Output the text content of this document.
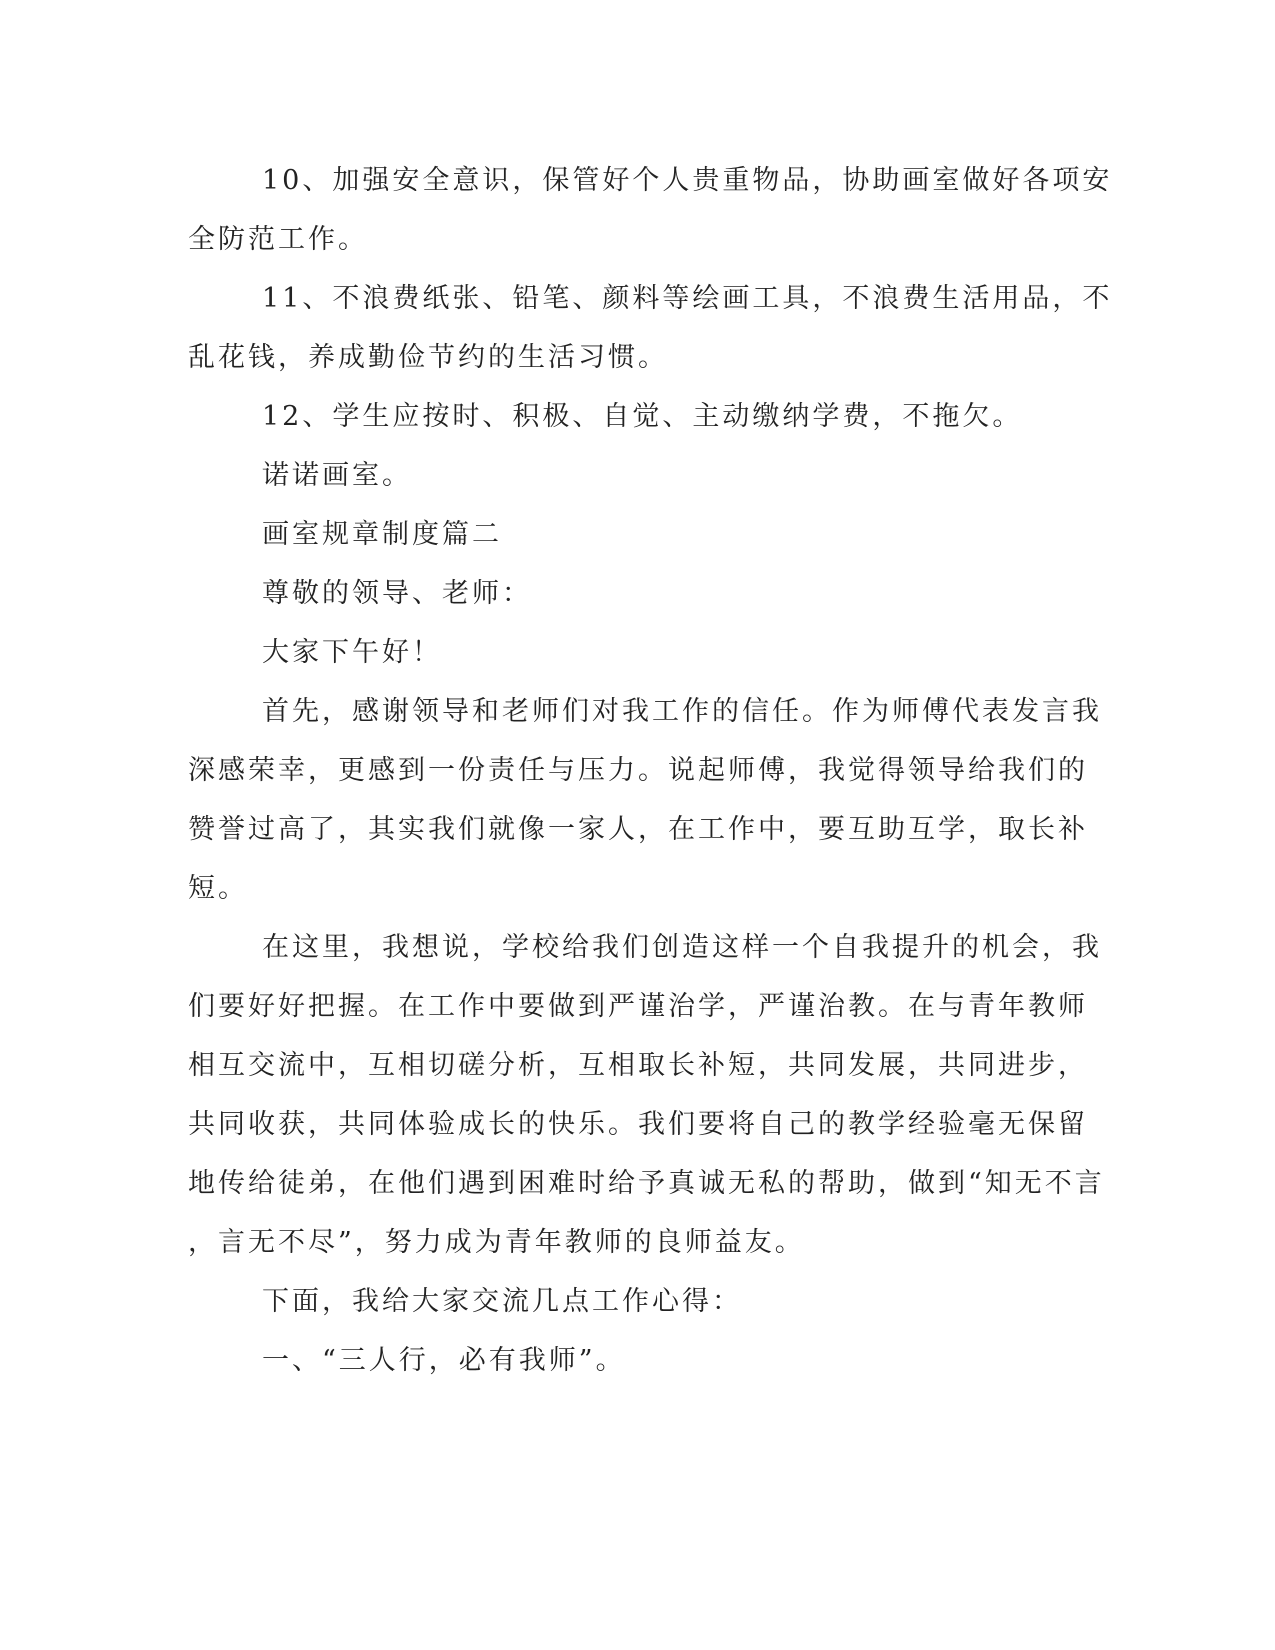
10、加强安全意识，保管好个人贵重物品，协助画室做好各项安
全防范工作。
11、不浪费纸张、铅笔、颜料等绘画工具，不浪费生活用品，不
乱花钱，养成勤俭节约的生活习惯。
12、学生应按时、积极、自觉、主动缴纳学费，不拖欠。
诺诺画室。
画室规章制度篇二
尊敬的领导、老师：
大家下午好！
首先，感谢领导和老师们对我工作的信任。作为师傅代表发言我
深感荣幸，更感到一份责任与压力。说起师傅，我觉得领导给我们的
赞誉过高了，其实我们就像一家人，在工作中，要互助互学，取长补
短。
在这里，我想说，学校给我们创造这样一个自我提升的机会，我
们要好好把握。在工作中要做到严谨治学，严谨治教。在与青年教师
相互交流中，互相切磋分析，互相取长补短，共同发展，共同进步，
共同收获，共同体验成长的快乐。我们要将自己的教学经验毫无保留
地传给徒弟，在他们遇到困难时给予真诚无私的帮助，做到“知无不言
，言无不尽”，努力成为青年教师的良师益友。
下面，我给大家交流几点工作心得：
一、“三人行，必有我师”。
